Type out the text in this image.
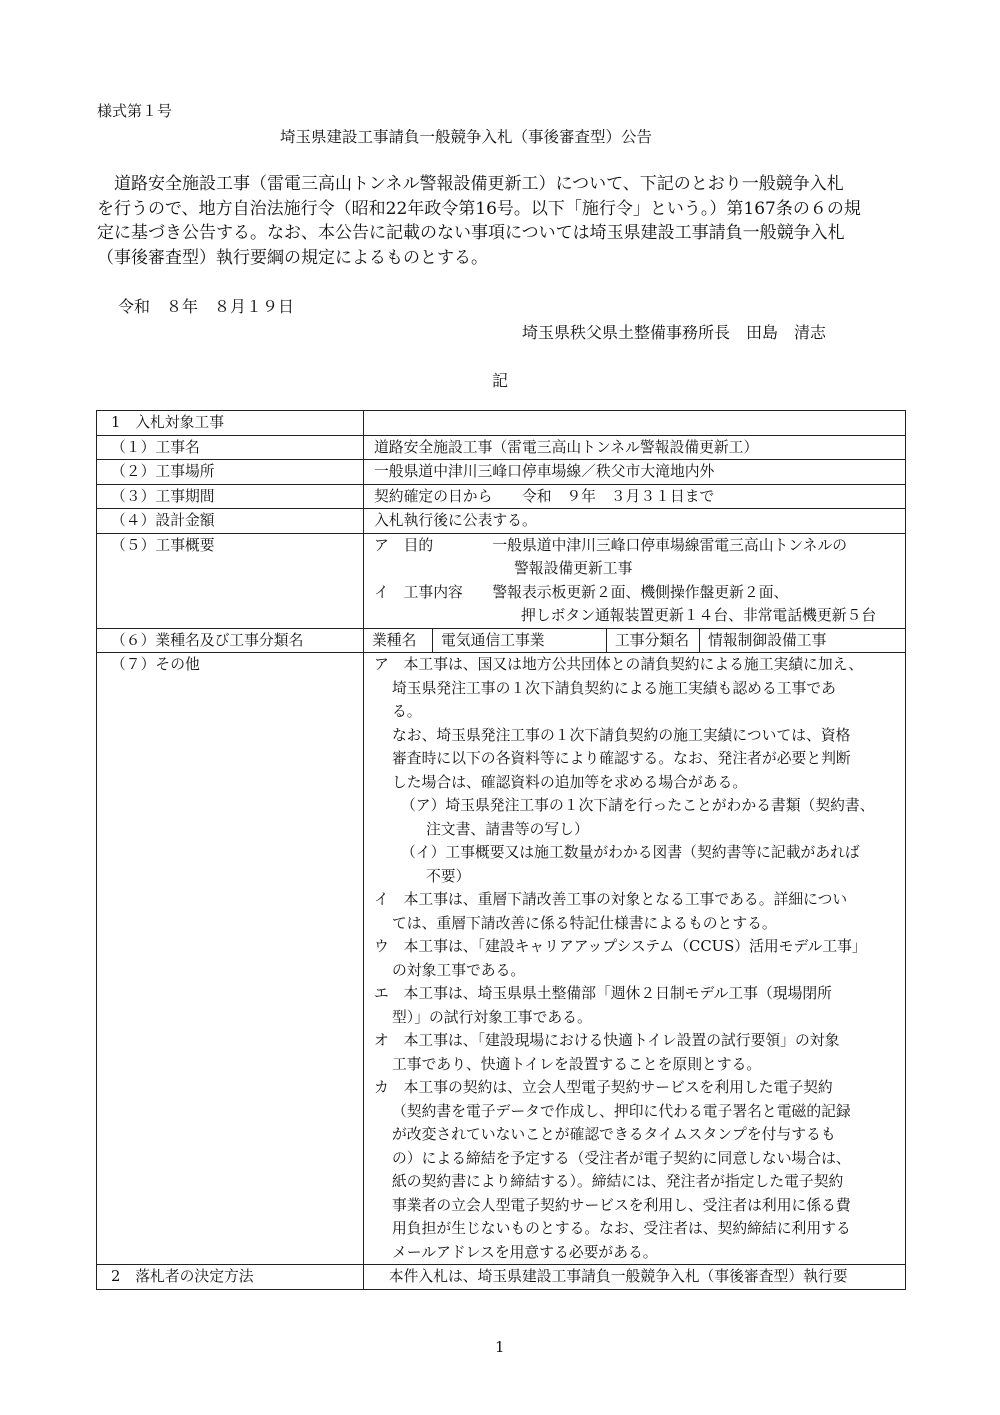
様式第１号
埼玉県建設工事請負一般競争入札（事後審査型）公告
　道路安全施設工事（雷電三高山トンネル警報設備更新工）について、下記のとおり一般競争入札
を行うので、地方自治法施行令（昭和22年政令第16号。以下「施行令」という。）第167条の６の規
定に基づき公告する。なお、本公告に記載のない事項については埼玉県建設工事請負一般競争入札
（事後審査型）執行要綱の規定によるものとする。
令和　８年　８月１９日
埼玉県秩父県土整備事務所長　田島　清志
記
1　入札対象工事	
（１）工事名	道路安全施設工事（雷電三高山トンネル警報設備更新工）
（２）工事場所	一般県道中津川三峰口停車場線／秩父市大滝地内外
（３）工事期間	契約確定の日から　　令和　９年　３月３１日まで
（４）設計金額	入札執行後に公表する。
（５）工事概要	ア　目的　　　　一般県道中津川三峰口停車場線雷電三高山トンネルの
警報設備更新工事
イ　工事内容　　警報表示板更新２面、機側操作盤更新２面、
押しボタン通報装置更新１４台、非常電話機更新５台

（６）業種名及び工事分類名		業種名	電気通信工事業	工事分類名	情報制御設備工事

（７）その他	ア　本工事は、国又は地方公共団体との請負契約による施工実績に加え、
埼玉県発注工事の１次下請負契約による施工実績も認める工事であ
る。
なお、埼玉県発注工事の１次下請負契約の施工実績については、資格
審査時に以下の各資料等により確認する。なお、発注者が必要と判断
した場合は、確認資料の追加等を求める場合がある。
（ア）埼玉県発注工事の１次下請を行ったことがわかる書類（契約書、
注文書、請書等の写し）
（イ）工事概要又は施工数量がわかる図書（契約書等に記載があれば
不要）
イ　本工事は、重層下請改善工事の対象となる工事である。詳細につい
ては、重層下請改善に係る特記仕様書によるものとする。
ウ　本工事は、「建設キャリアアップシステム（CCUS）活用モデル工事」
の対象工事である。
エ　本工事は、埼玉県県土整備部「週休２日制モデル工事（現場閉所
型）」の試行対象工事である。
オ　本工事は、「建設現場における快適トイレ設置の試行要領」の対象
工事であり、快適トイレを設置することを原則とする。
カ　本工事の契約は、立会人型電子契約サービスを利用した電子契約
（契約書を電子データで作成し、押印に代わる電子署名と電磁的記録
が改変されていないことが確認できるタイムスタンプを付与するも
の）による締結を予定する（受注者が電子契約に同意しない場合は、
紙の契約書により締結する）。締結には、発注者が指定した電子契約
事業者の立会人型電子契約サービスを利用し、受注者は利用に係る費
用負担が生じないものとする。なお、受注者は、契約締結に利用する
メールアドレスを用意する必要がある。

2　落札者の決定方法	　本件入札は、埼玉県建設工事請負一般競争入札（事後審査型）執行要
1
